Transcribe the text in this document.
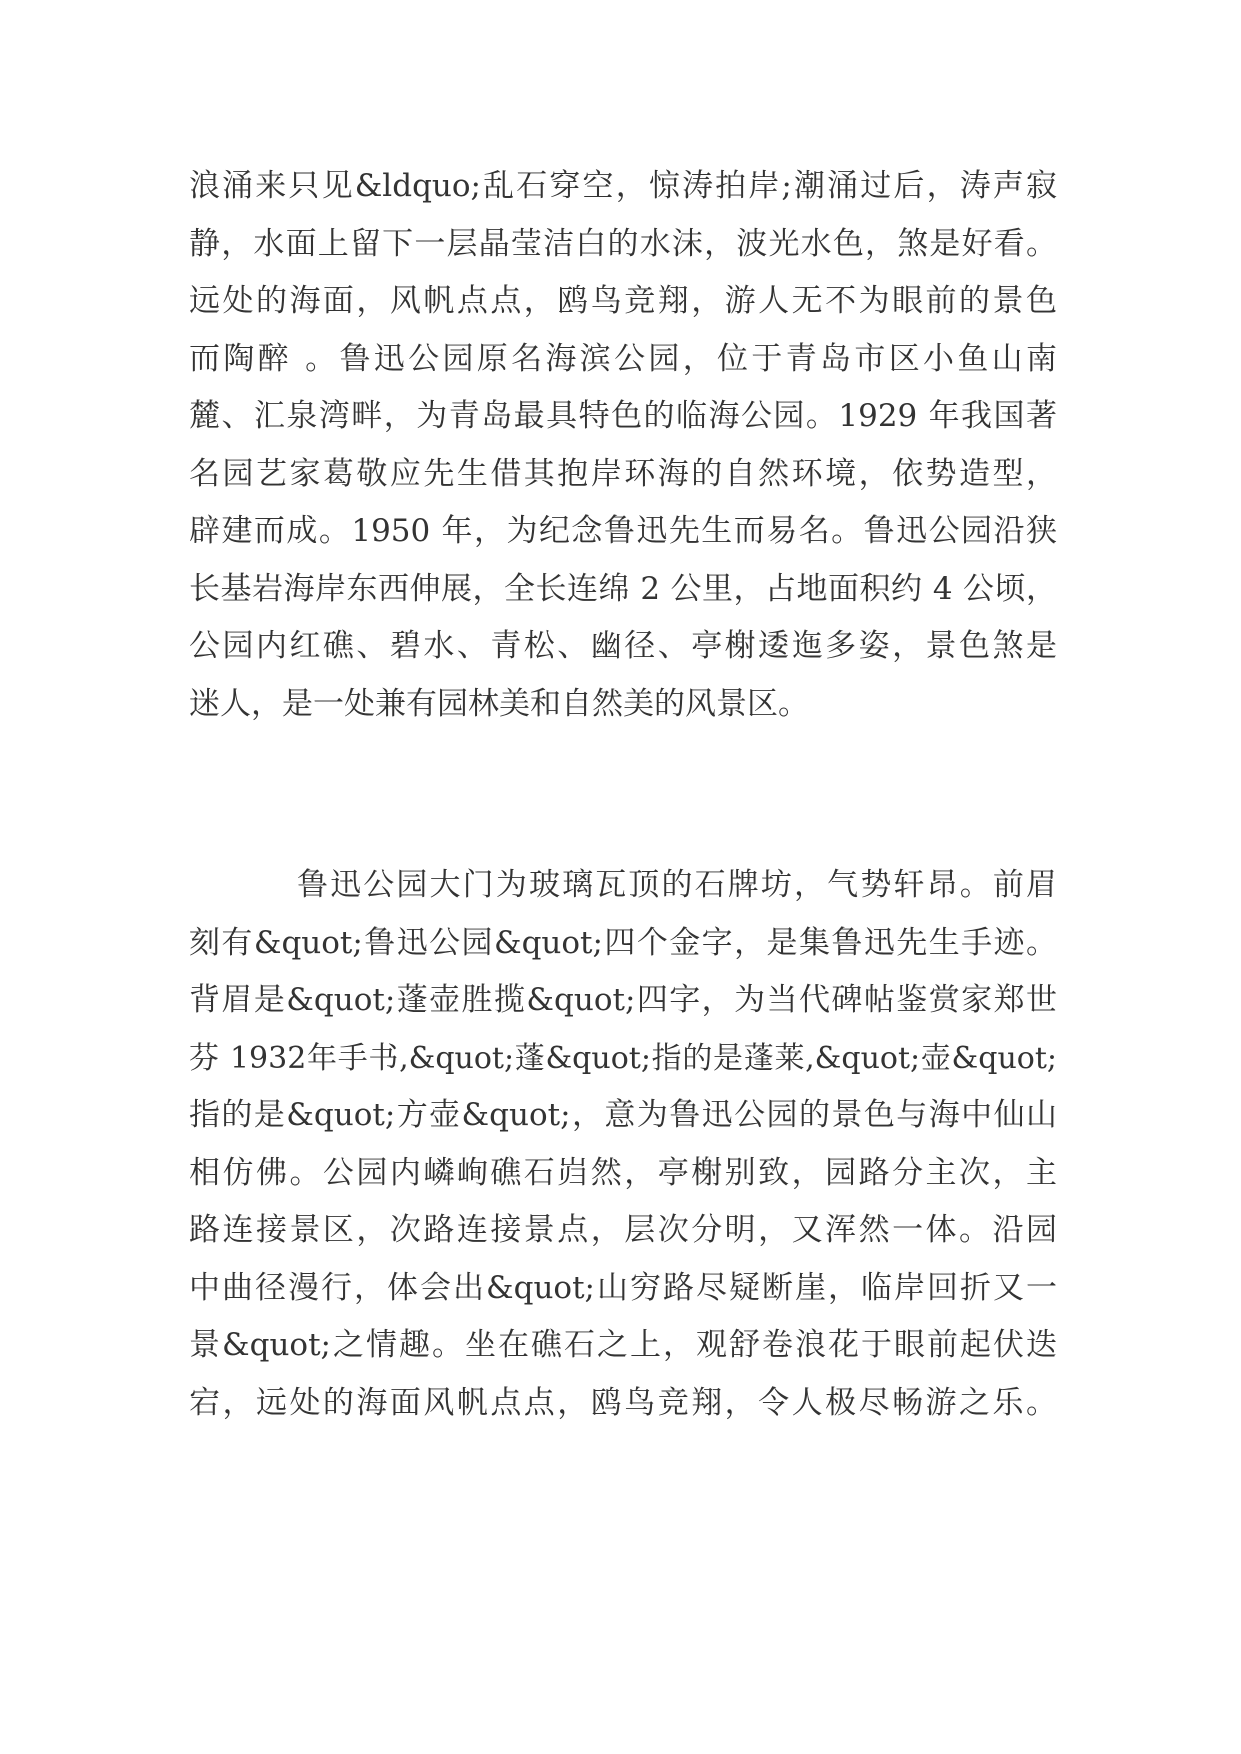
浪涌来只见&ldquo;乱石穿空，惊涛拍岸;潮涌过后，涛声寂
静，水面上留下一层晶莹洁白的水沫，波光水色，煞是好看。
远处的海面，风帆点点，鸥鸟竞翔，游人无不为眼前的景色
而陶醉 。鲁迅公园原名海滨公园，位于青岛市区小鱼山南
麓、汇泉湾畔，为青岛最具特色的临海公园。1929 年我国著
名园艺家葛敬应先生借其抱岸环海的自然环境，依势造型，
辟建而成。1950 年，为纪念鲁迅先生而易名。鲁迅公园沿狭
长基岩海岸东西伸展，全长连绵 2 公里，占地面积约 4 公顷，
公园内红礁、碧水、青松、幽径、亭榭逶迤多姿，景色煞是
迷人，是一处兼有园林美和自然美的风景区。
鲁迅公园大门为玻璃瓦顶的石牌坊，气势轩昂。前眉
刻有&quot;鲁迅公园&quot;四个金字，是集鲁迅先生手迹。
背眉是&quot;蓬壶胜揽&quot;四字，为当代碑帖鉴赏家郑世
芬 1932年手书,&quot;蓬&quot;指的是蓬莱,&quot;壶&quot;
指的是&quot;方壶&quot;，意为鲁迅公园的景色与海中仙山
相仿佛。公园内嶙峋礁石岿然，亭榭别致，园路分主次，主
路连接景区，次路连接景点，层次分明，又浑然一体。沿园
中曲径漫行，体会出&quot;山穷路尽疑断崖，临岸回折又一
景&quot;之情趣。坐在礁石之上，观舒卷浪花于眼前起伏迭
宕，远处的海面风帆点点，鸥鸟竞翔，令人极尽畅游之乐。
